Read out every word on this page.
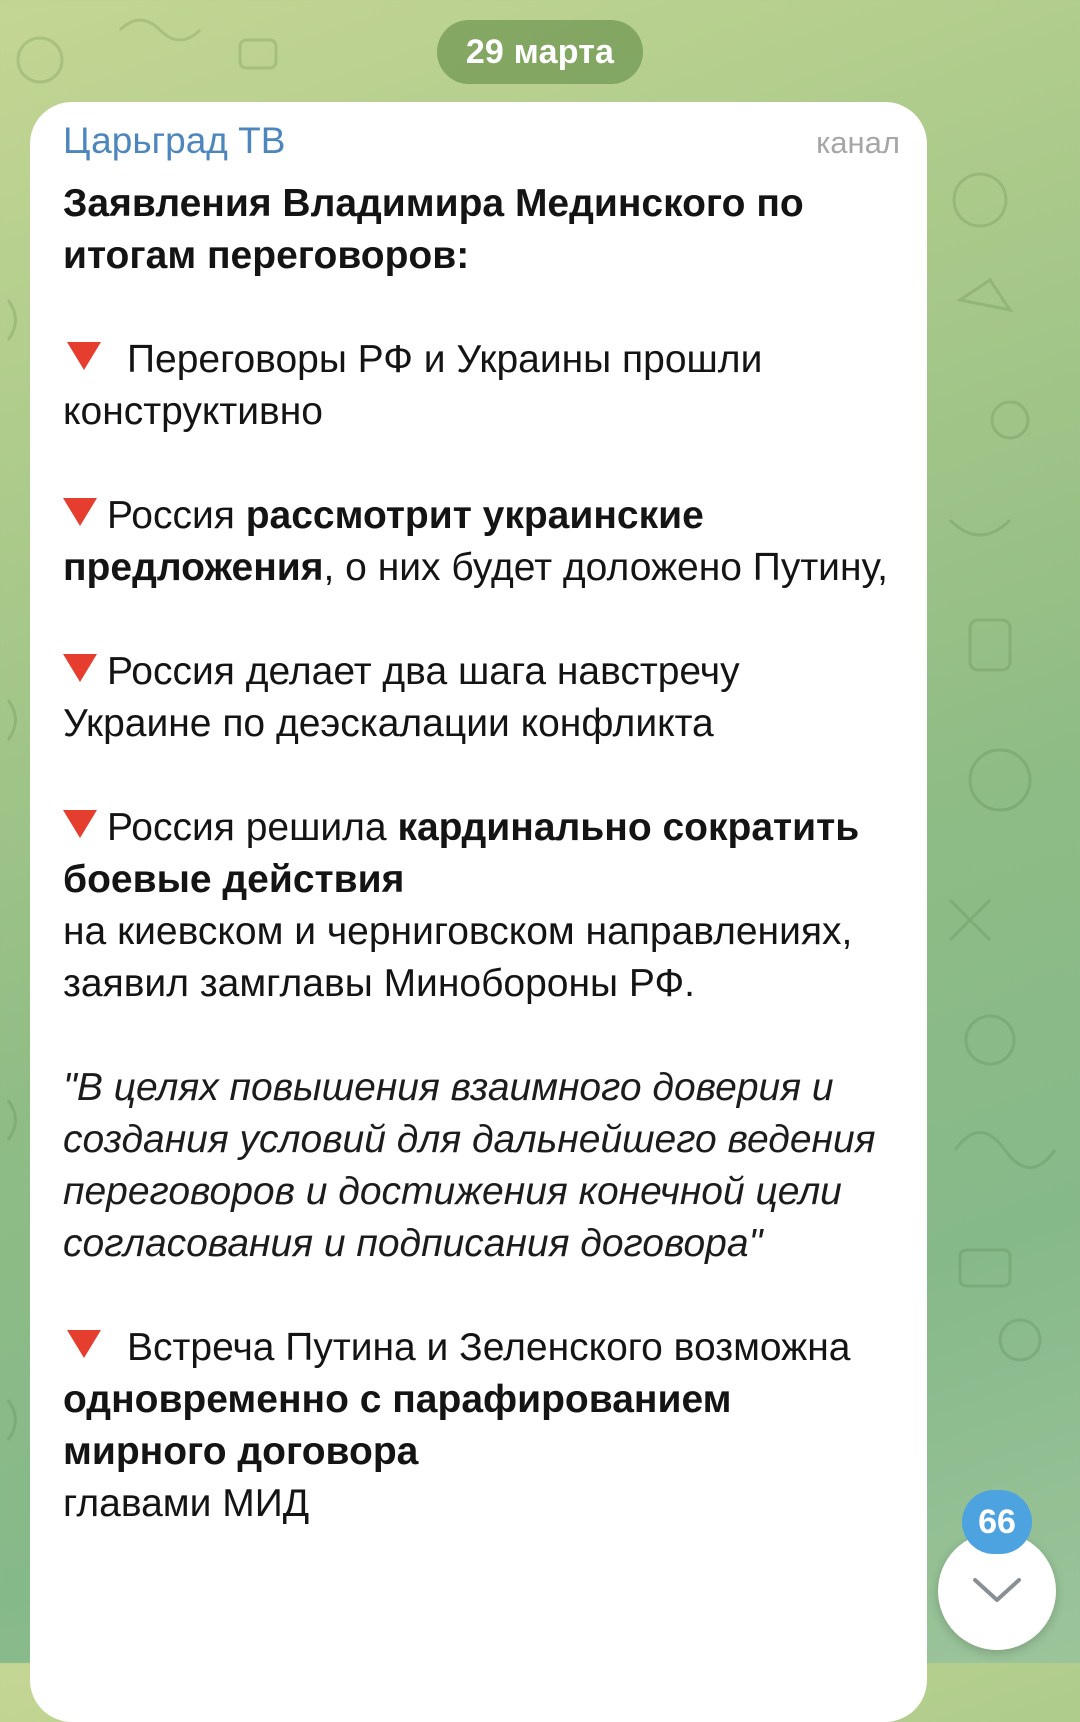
29 марта
Царьград ТВ	канал

Заявления Владимира Мединского по итогам переговоров:

Переговоры РФ и Украины прошли конструктивно

Россия рассмотрит украинские предложения, о них будет доложено Путину,

Россия делает два шага навстречу Украине по деэскалации конфликта

Россия решила кардинально сократить боевые действия
на киевском и черниговском направлениях, заявил замглавы Минобороны РФ.

"В целях повышения взаимного доверия и создания условий для дальнейшего ведения переговоров и достижения конечной цели согласования и подписания договора"

Встреча Путина и Зеленского возможна одновременно с парафированием мирного договора
главами МИД	66
